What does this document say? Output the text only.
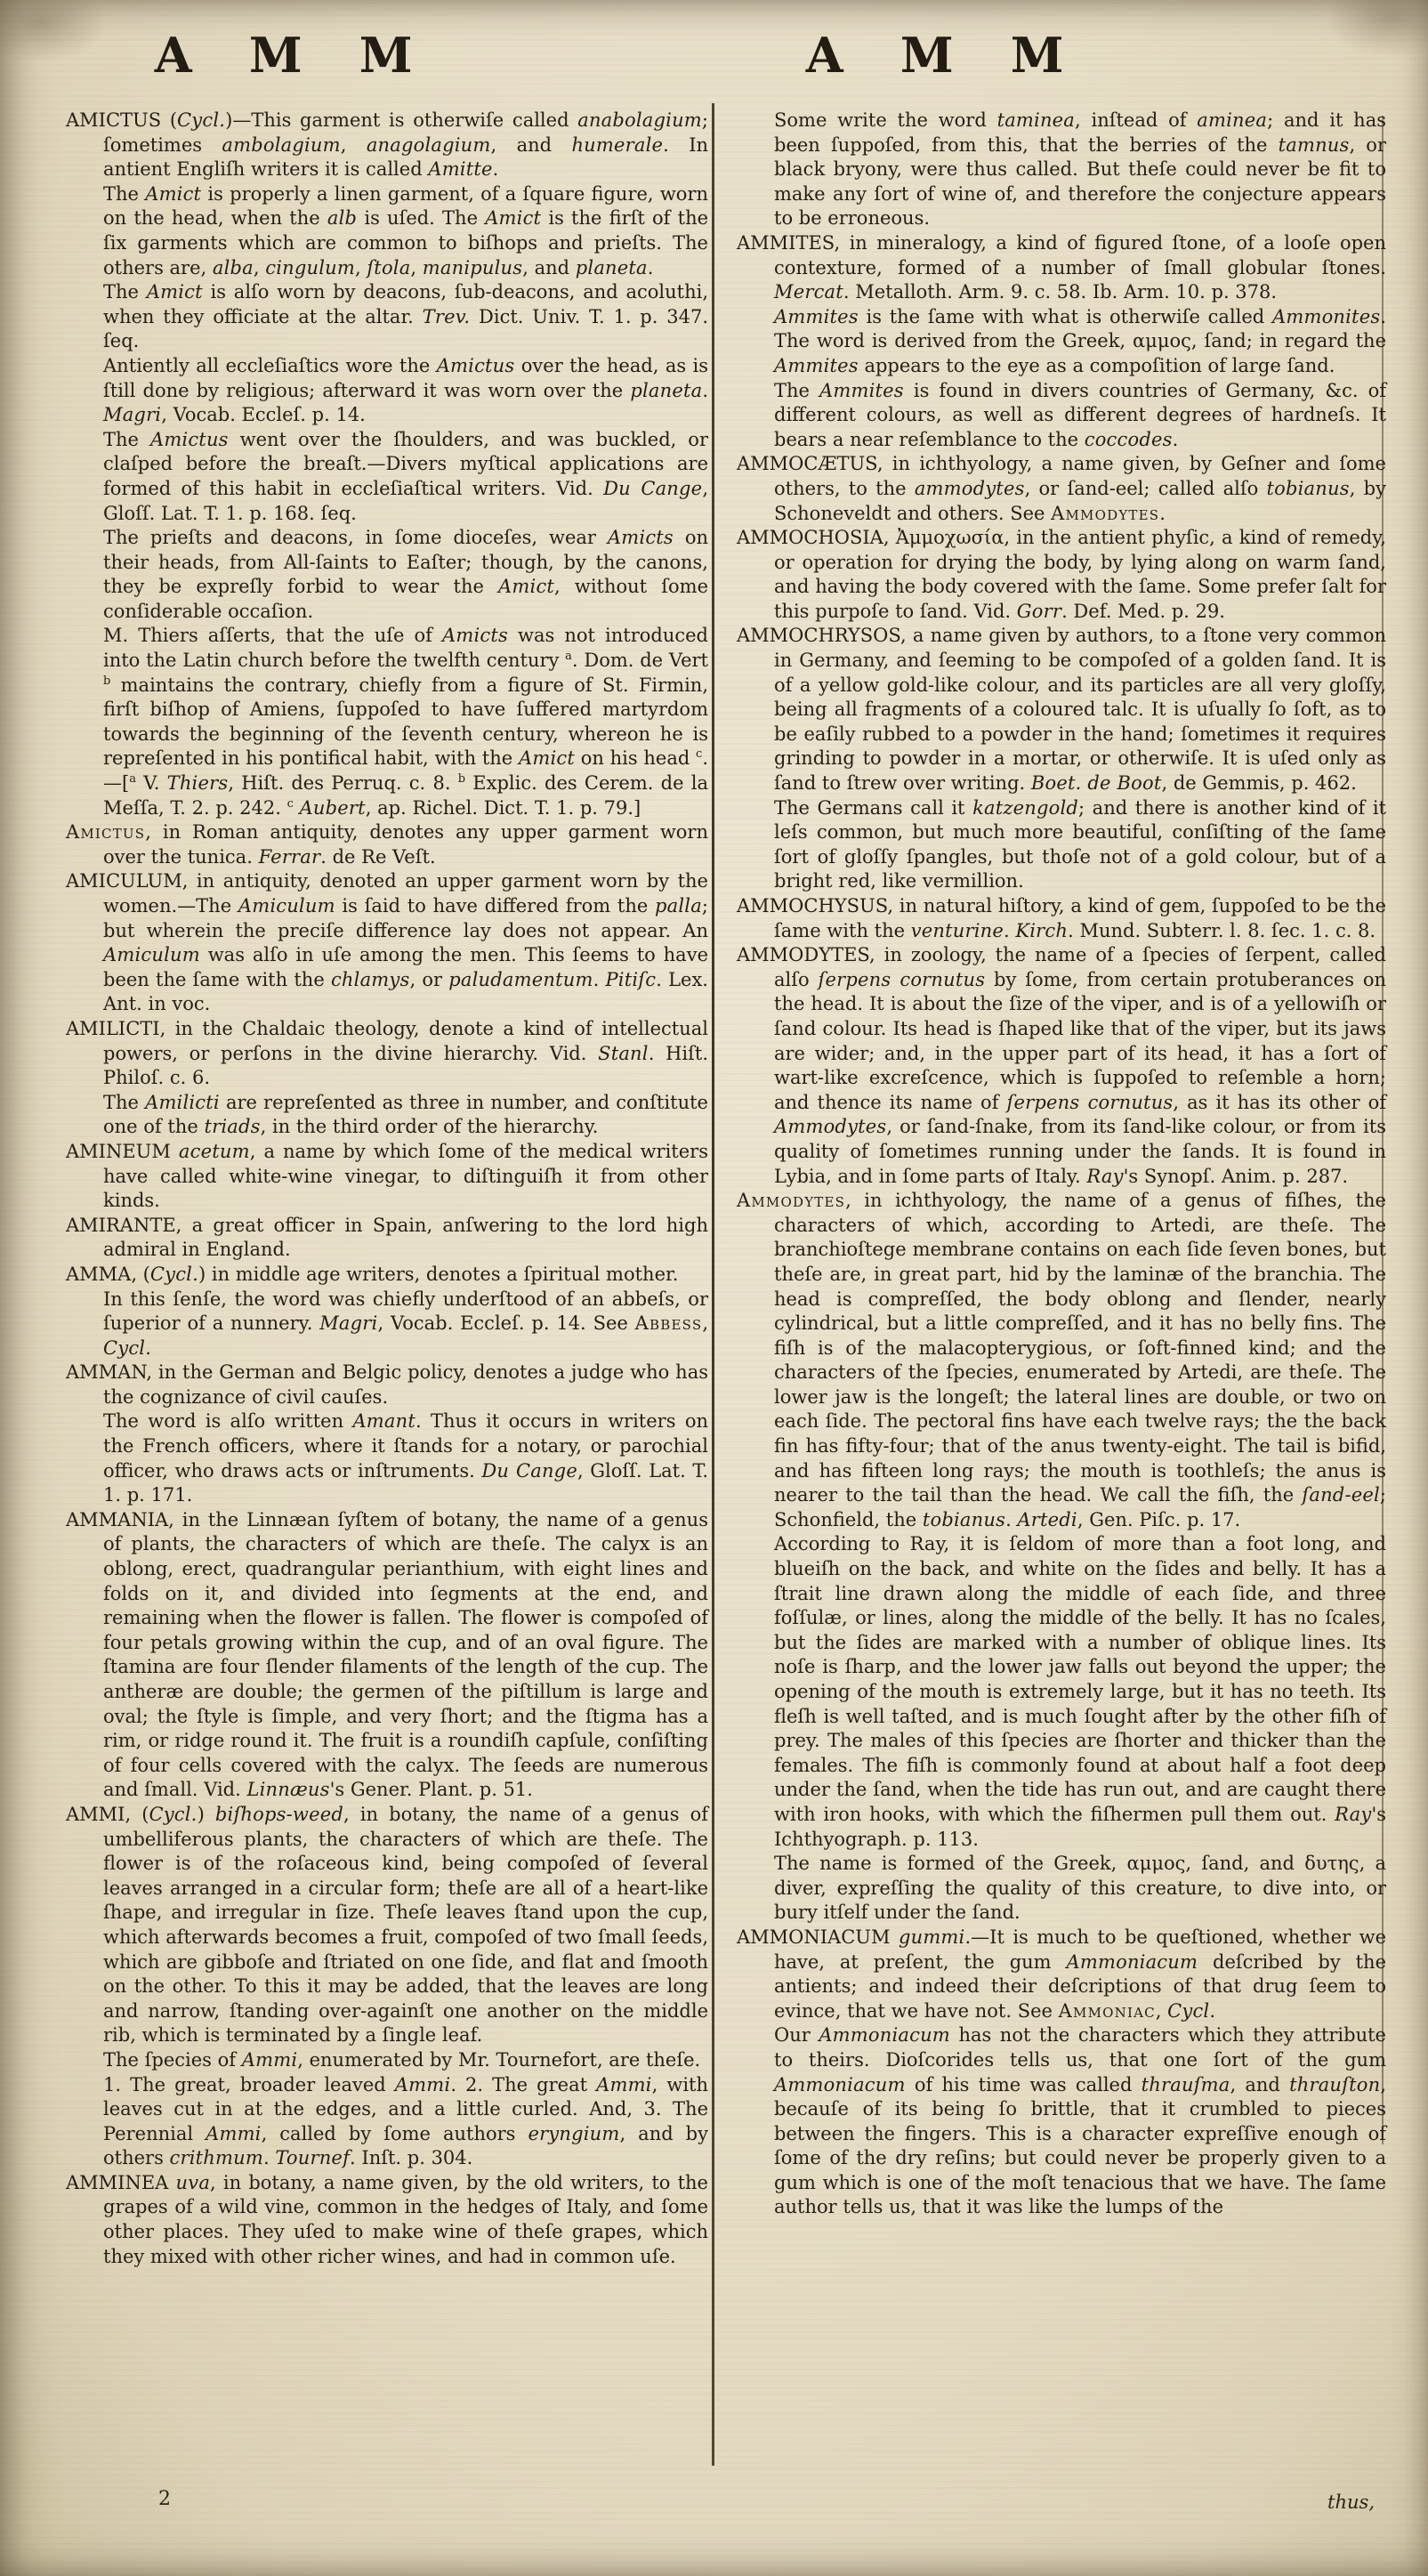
A M M	A M M

AMICTUS (Cycl.)—This garment is otherwiſe called anabolagium; ſometimes ambolagium, anagolagium, and humerale. In antient Engliſh writers it is called Amitte.

The Amict is properly a linen garment, of a ſquare figure, worn on the head, when the alb is uſed. The Amict is the firſt of the ſix garments which are common to biſhops and prieſts. The others are, alba, cingulum, ſtola, manipulus, and planeta.

The Amict is alſo worn by deacons, ſub-deacons, and acoluthi, when they officiate at the altar. Trev. Dict. Univ. T. 1. p. 347. ſeq.

Antiently all eccleſiaſtics wore the Amictus over the head, as is ſtill done by religious; afterward it was worn over the planeta. Magri, Vocab. Eccleſ. p. 14.

The Amictus went over the ſhoulders, and was buckled, or claſped before the breaſt.—Divers myſtical applications are formed of this habit in eccleſiaſtical writers. Vid. Du Cange, Gloſſ. Lat. T. 1. p. 168. ſeq.

The prieſts and deacons, in ſome dioceſes, wear Amicts on their heads, from All-ſaints to Eaſter; though, by the canons, they be expreſly forbid to wear the Amict, without ſome conſiderable occaſion.

M. Thiers aſſerts, that the uſe of Amicts was not introduced into the Latin church before the twelfth century $^a$. Dom. de Vert $^b$ maintains the contrary, chiefly from a figure of St. Firmin, firſt biſhop of Amiens, ſuppoſed to have ſuffered martyrdom towards the beginning of the ſeventh century, whereon he is repreſented in his pontifical habit, with the Amict on his head $^c$.—[$^a$ V. Thiers, Hiſt. des Perruq. c. 8. $^b$ Explic. des Cerem. de la Meſſa, T. 2. p. 242. $^c$ Aubert, ap. Richel. Dict. T. 1. p. 79.]

Amictus, in Roman antiquity, denotes any upper garment worn over the tunica. Ferrar. de Re Veſt.

AMICULUM, in antiquity, denoted an upper garment worn by the women.—The Amiculum is ſaid to have differed from the palla; but wherein the preciſe difference lay does not appear. An Amiculum was alſo in uſe among the men. This ſeems to have been the ſame with the chlamys, or paludamentum. Pitiſc. Lex. Ant. in voc.

AMILICTI, in the Chaldaic theology, denote a kind of intellectual powers, or perſons in the divine hierarchy. Vid. Stanl. Hiſt. Philoſ. c. 6.

The Amilicti are repreſented as three in number, and conſtitute one of the triads, in the third order of the hierarchy.

AMINEUM acetum, a name by which ſome of the medical writers have called white-wine vinegar, to diſtinguiſh it from other kinds.

AMIRANTE, a great officer in Spain, anſwering to the lord high admiral in England.

AMMA, (Cycl.) in middle age writers, denotes a ſpiritual mother.

In this ſenſe, the word was chiefly underſtood of an abbeſs, or ſuperior of a nunnery. Magri, Vocab. Eccleſ. p. 14. See Abbess, Cycl.

AMMAN, in the German and Belgic policy, denotes a judge who has the cognizance of civil cauſes.

The word is alſo written Amant. Thus it occurs in writers on the French officers, where it ſtands for a notary, or parochial officer, who draws acts or inſtruments. Du Cange, Gloſſ. Lat. T. 1. p. 171.

AMMANIA, in the Linnæan ſyſtem of botany, the name of a genus of plants, the characters of which are theſe. The calyx is an oblong, erect, quadrangular perianthium, with eight lines and folds on it, and divided into ſegments at the end, and remaining when the flower is fallen. The flower is compoſed of four petals growing within the cup, and of an oval figure. The ſtamina are four ſlender filaments of the length of the cup. The antheræ are double; the germen of the piſtillum is large and oval; the ſtyle is ſimple, and very ſhort; and the ſtigma has a rim, or ridge round it. The fruit is a roundiſh capſule, conſiſting of four cells covered with the calyx. The ſeeds are numerous and ſmall. Vid. Linnæus's Gener. Plant. p. 51.

AMMI, (Cycl.) biſhops-weed, in botany, the name of a genus of umbelliferous plants, the characters of which are theſe. The flower is of the roſaceous kind, being compoſed of ſeveral leaves arranged in a circular form; theſe are all of a heart-like ſhape, and irregular in ſize. Theſe leaves ſtand upon the cup, which afterwards becomes a fruit, compoſed of two ſmall ſeeds, which are gibboſe and ſtriated on one ſide, and flat and ſmooth on the other. To this it may be added, that the leaves are long and narrow, ſtanding over-againſt one another on the middle rib, which is terminated by a ſingle leaf.

The ſpecies of Ammi, enumerated by Mr. Tournefort, are theſe.

1. The great, broader leaved Ammi. 2. The great Ammi, with leaves cut in at the edges, and a little curled. And, 3. The Perennial Ammi, called by ſome authors eryngium, and by others crithmum. Tournef. Inſt. p. 304.

AMMINEA uva, in botany, a name given, by the old writers, to the grapes of a wild vine, common in the hedges of Italy, and ſome other places. They uſed to make wine of theſe grapes, which they mixed with other richer wines, and had in common uſe.

Some write the word taminea, inſtead of aminea; and it has been ſuppoſed, from this, that the berries of the tamnus, or black bryony, were thus called. But theſe could never be fit to make any ſort of wine of, and therefore the conjecture appears to be erroneous.

AMMITES, in mineralogy, a kind of figured ſtone, of a looſe open contexture, formed of a number of ſmall globular ſtones. Mercat. Metalloth. Arm. 9. c. 58. Ib. Arm. 10. p. 378.

Ammites is the ſame with what is otherwiſe called Ammonites. The word is derived from the Greek, αμμος, ſand; in regard the Ammites appears to the eye as a compoſition of large ſand.

The Ammites is found in divers countries of Germany, &c. of different colours, as well as different degrees of hardneſs. It bears a near reſemblance to the coccodes.

AMMOCÆTUS, in ichthyology, a name given, by Geſner and ſome others, to the ammodytes, or ſand-eel; called alſo tobianus, by Schoneveldt and others. See Ammodytes.

AMMOCHOSIA, Ἀμμοχωσία, in the antient phyſic, a kind of remedy, or operation for drying the body, by lying along on warm ſand, and having the body covered with the ſame. Some prefer ſalt for this purpoſe to ſand. Vid. Gorr. Def. Med. p. 29.

AMMOCHRYSOS, a name given by authors, to a ſtone very common in Germany, and ſeeming to be compoſed of a golden ſand. It is of a yellow gold-like colour, and its particles are all very gloſſy, being all fragments of a coloured talc. It is uſually ſo ſoft, as to be eaſily rubbed to a powder in the hand; ſometimes it requires grinding to powder in a mortar, or otherwiſe. It is uſed only as ſand to ſtrew over writing. Boet. de Boot, de Gemmis, p. 462.

The Germans call it katzengold; and there is another kind of it leſs common, but much more beautiful, conſiſting of the ſame ſort of gloſſy ſpangles, but thoſe not of a gold colour, but of a bright red, like vermillion.

AMMOCHYSUS, in natural hiſtory, a kind of gem, ſuppoſed to be the ſame with the venturine. Kirch. Mund. Subterr. l. 8. ſec. 1. c. 8.

AMMODYTES, in zoology, the name of a ſpecies of ſerpent, called alſo ſerpens cornutus by ſome, from certain protuberances on the head. It is about the ſize of the viper, and is of a yellowiſh or ſand colour. Its head is ſhaped like that of the viper, but its jaws are wider; and, in the upper part of its head, it has a ſort of wart-like excreſcence, which is ſuppoſed to reſemble a horn; and thence its name of ſerpens cornutus, as it has its other of Ammodytes, or ſand-ſnake, from its ſand-like colour, or from its quality of ſometimes running under the ſands. It is found in Lybia, and in ſome parts of Italy. Ray's Synopſ. Anim. p. 287.

Ammodytes, in ichthyology, the name of a genus of fiſhes, the characters of which, according to Artedi, are theſe. The branchioſtege membrane contains on each ſide ſeven bones, but theſe are, in great part, hid by the laminæ of the branchia. The head is compreſſed, the body oblong and ſlender, nearly cylindrical, but a little compreſſed, and it has no belly fins. The fiſh is of the malacopterygious, or ſoft-finned kind; and the characters of the ſpecies, enumerated by Artedi, are theſe. The lower jaw is the longeſt; the lateral lines are double, or two on each ſide. The pectoral fins have each twelve rays; the the back fin has fifty-four; that of the anus twenty-eight. The tail is bifid, and has fifteen long rays; the mouth is toothleſs; the anus is nearer to the tail than the head. We call the fiſh, the ſand-eel; Schonfield, the tobianus. Artedi, Gen. Piſc. p. 17.

According to Ray, it is ſeldom of more than a foot long, and blueiſh on the back, and white on the ſides and belly. It has a ſtrait line drawn along the middle of each ſide, and three foſſulæ, or lines, along the middle of the belly. It has no ſcales, but the ſides are marked with a number of oblique lines. Its noſe is ſharp, and the lower jaw falls out beyond the upper; the opening of the mouth is extremely large, but it has no teeth. Its fleſh is well taſted, and is much ſought after by the other fiſh of prey. The males of this ſpecies are ſhorter and thicker than the females. The fiſh is commonly found at about half a foot deep under the ſand, when the tide has run out, and are caught there with iron hooks, with which the fiſhermen pull them out. Ray's Ichthyograph. p. 113.

The name is formed of the Greek, αμμος, ſand, and δυτης, a diver, expreſſing the quality of this creature, to dive into, or bury itſelf under the ſand.

AMMONIACUM gummi.—It is much to be queſtioned, whether we have, at preſent, the gum Ammoniacum deſcribed by the antients; and indeed their deſcriptions of that drug ſeem to evince, that we have not. See Ammoniac, Cycl.

Our Ammoniacum has not the characters which they attribute to theirs. Dioſcorides tells us, that one ſort of the gum Ammoniacum of his time was called thrauſma, and thrauſton, becauſe of its being ſo brittle, that it crumbled to pieces between the fingers. This is a character expreſſive enough of ſome of the dry reſins; but could never be properly given to a gum which is one of the moſt tenacious that we have. The ſame author tells us, that it was like the lumps of the

2	thus,
